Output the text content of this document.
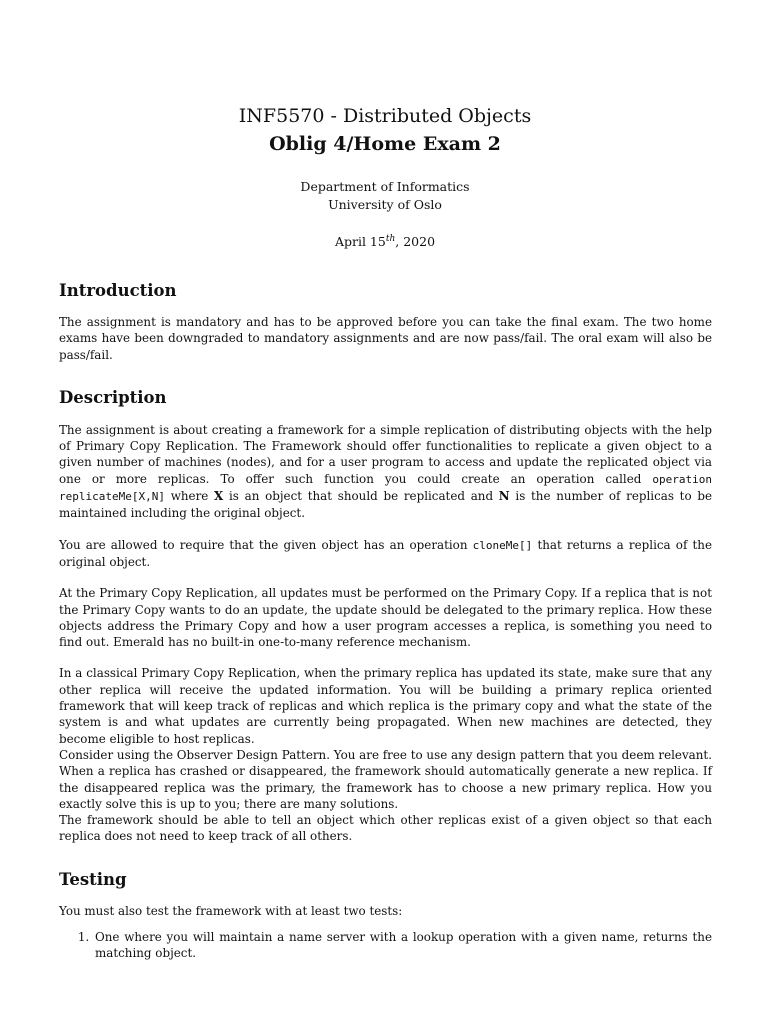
INF5570 - Distributed Objects
Oblig 4/Home Exam 2
Department of Informatics
University of Oslo
April 15th, 2020
Introduction

The assignment is mandatory and has to be approved before you can take the final exam. The two home exams have been downgraded to mandatory assignments and are now pass/fail. The oral exam will also be pass/fail.

Description

The assignment is about creating a framework for a simple replication of distributing objects with the help of Primary Copy Replication. The Framework should offer functionalities to replicate a given object to a given number of machines (nodes), and for a user program to access and update the replicated object via one or more replicas. To offer such function you could create an operation called operation replicateMe[X,N] where X is an object that should be replicated and N is the number of replicas to be maintained including the original object.

You are allowed to require that the given object has an operation cloneMe[] that returns a replica of the original object.

At the Primary Copy Replication, all updates must be performed on the Primary Copy. If a replica that is not the Primary Copy wants to do an update, the update should be delegated to the primary replica. How these objects address the Primary Copy and how a user program accesses a replica, is something you need to find out. Emerald has no built-in one-to-many reference mechanism.

In a classical Primary Copy Replication, when the primary replica has updated its state, make sure that any other replica will receive the updated information. You will be building a primary replica oriented framework that will keep track of replicas and which replica is the primary copy and what the state of the system is and what updates are currently being propagated. When new machines are detected, they become eligible to host replicas.

Consider using the Observer Design Pattern. You are free to use any design pattern that you deem relevant.

When a replica has crashed or disappeared, the framework should automatically generate a new replica. If the disappeared replica was the primary, the framework has to choose a new primary replica. How you exactly solve this is up to you; there are many solutions.

The framework should be able to tell an object which other replicas exist of a given object so that each replica does not need to keep track of all others.

Testing

You must also test the framework with at least two tests:

1. One where you will maintain a name server with a lookup operation with a given name, returns the matching object.
